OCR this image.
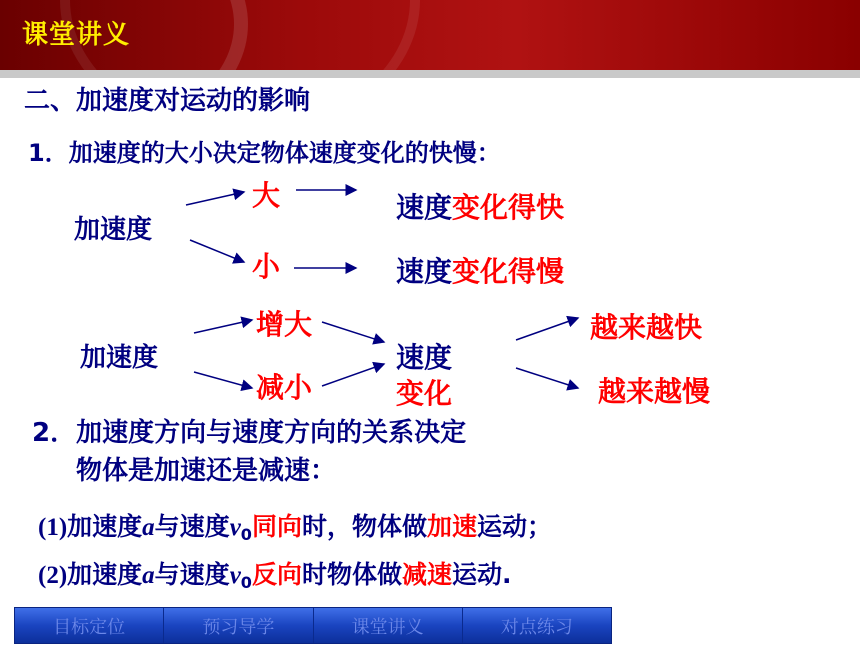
课堂讲义
二、加速度对运动的影响
1．加速度的大小决定物体速度变化的快慢：
加速度
大
小
速度变化得快
速度变化得慢
加速度
增大
减小
速度
变化
越来越快
越来越慢
2．加速度方向与速度方向的关系决定
物体是加速还是减速：
(1)加速度a与速度$v_0$同向时，物体做加速运动；
(2)加速度a与速度$v_0$反向时物体做减速运动.
目标定位	预习导学	课堂讲义	对点练习
